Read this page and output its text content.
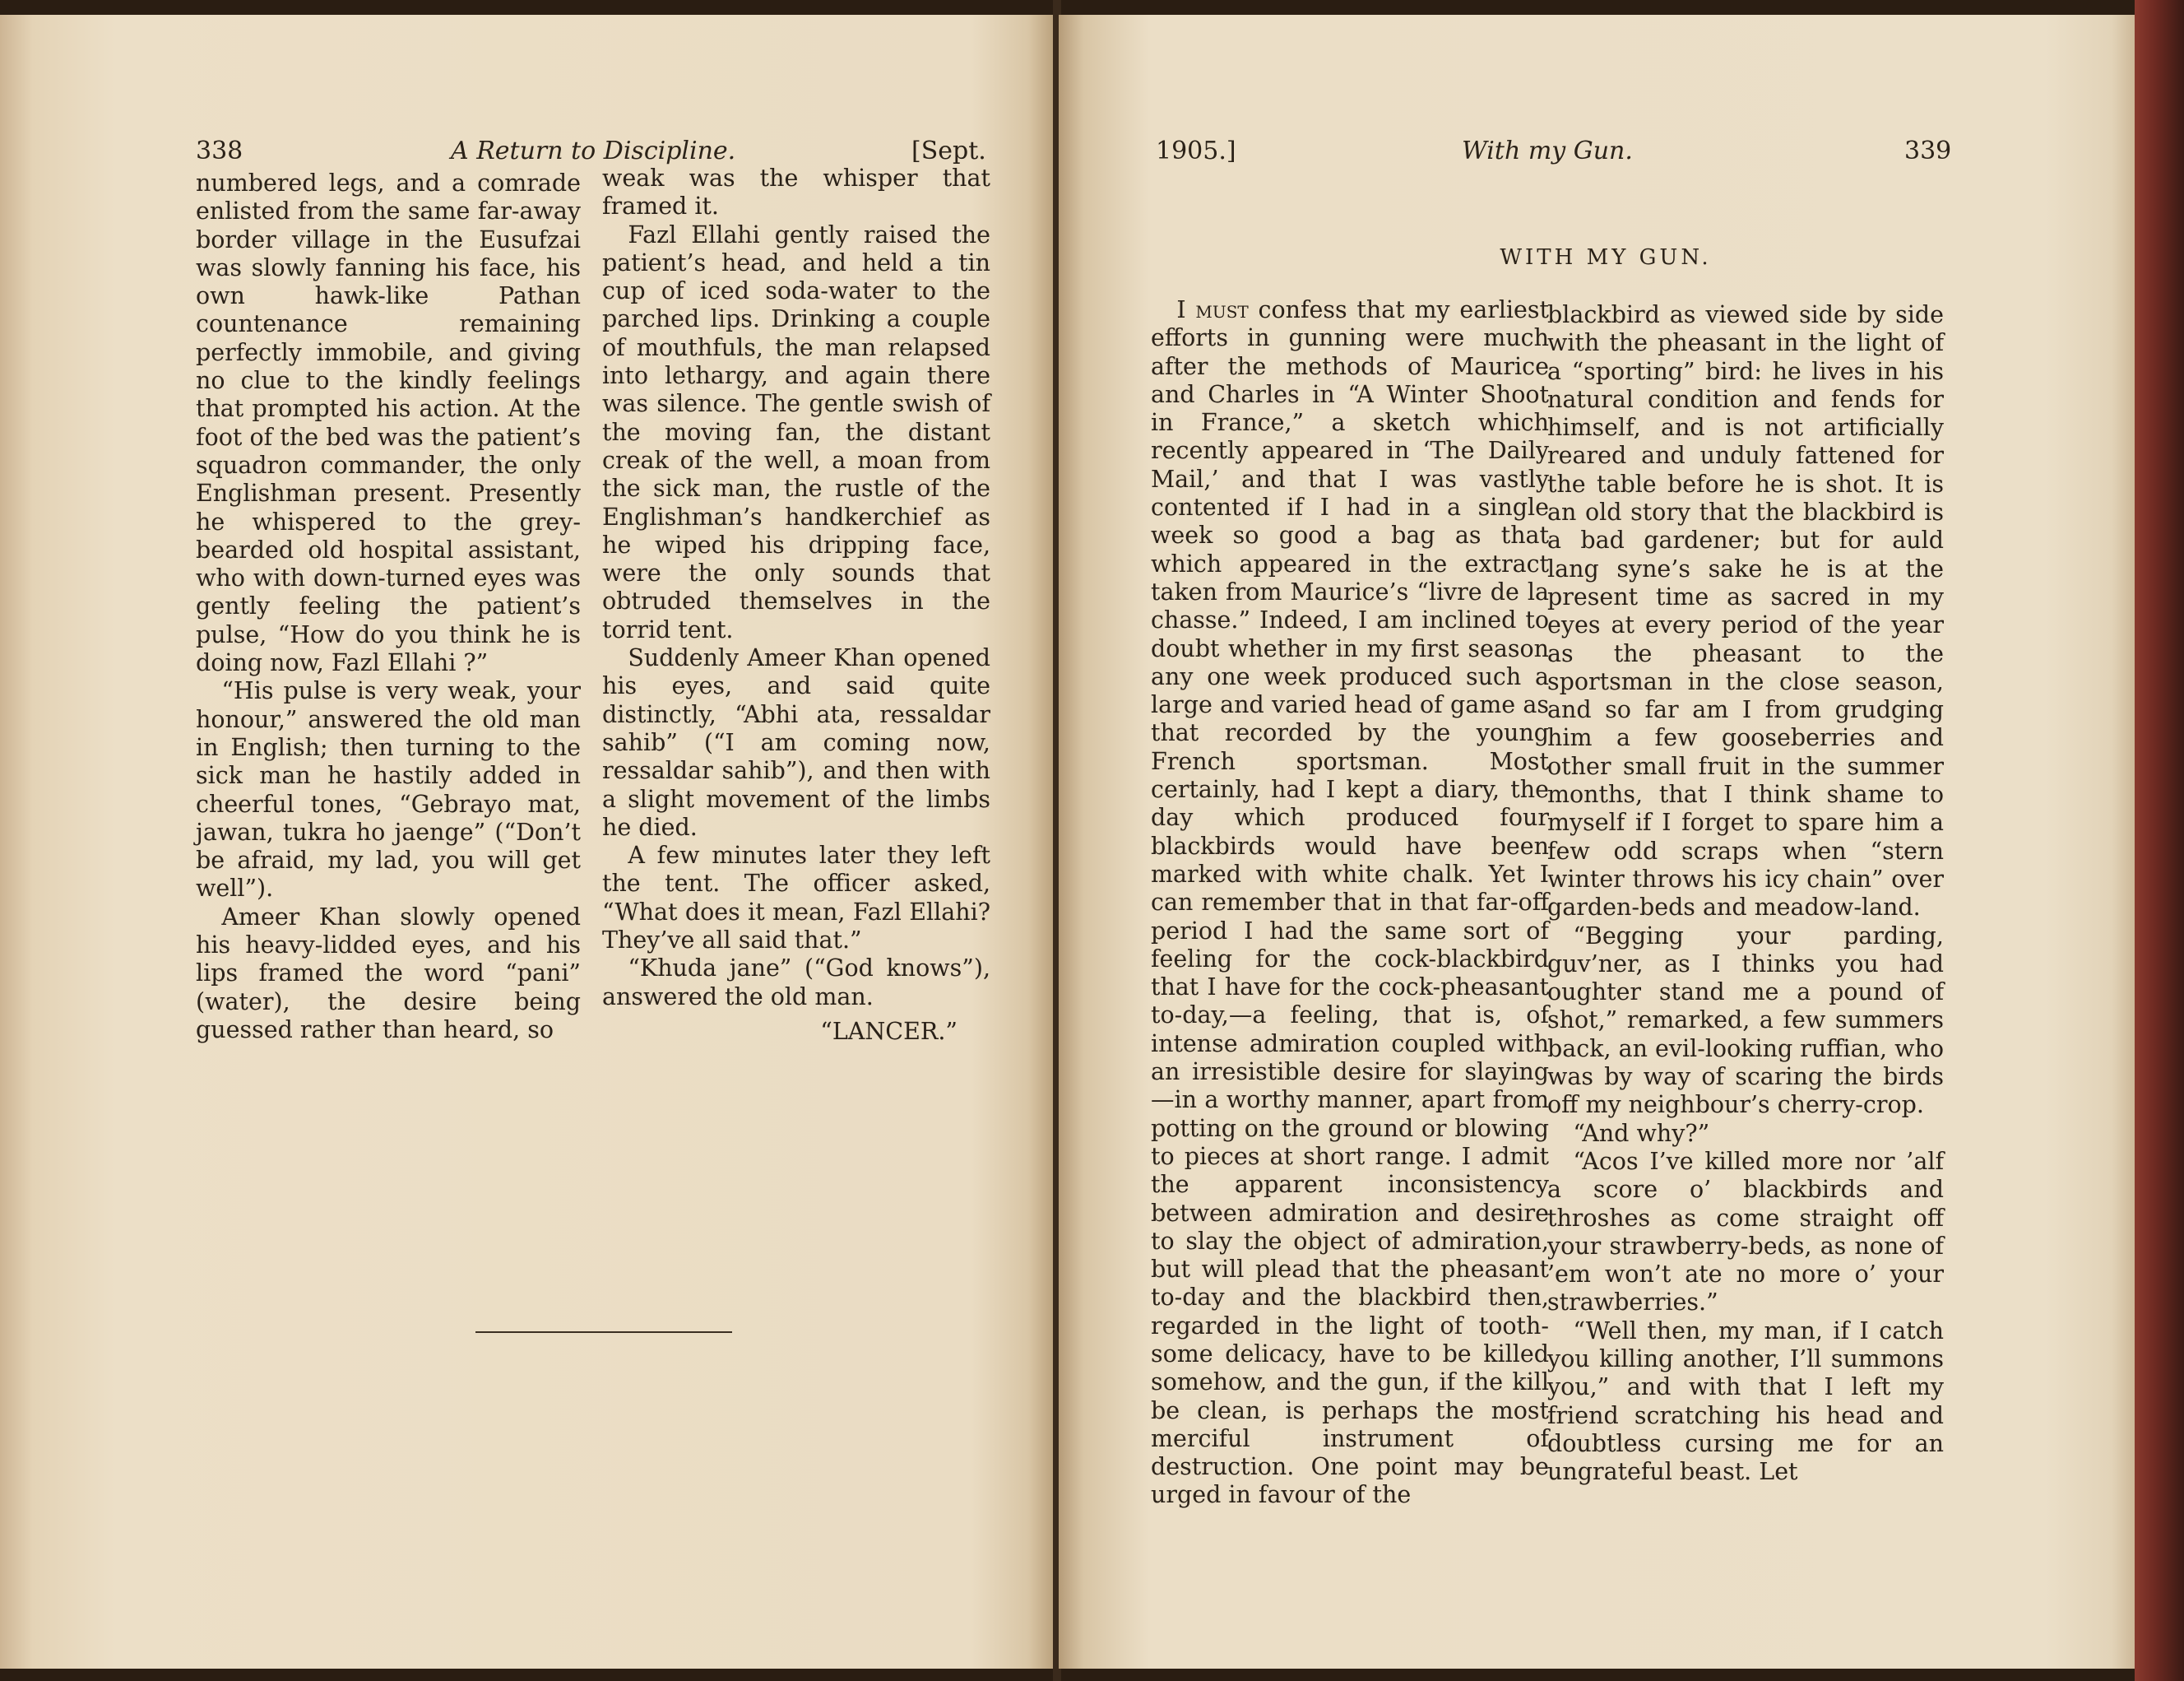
338	A Return to Discipline.	[Sept.

numbered legs, and a comrade enlisted from the same far-away border village in the Eusufzai was slowly fanning his face, his own hawk-like Pathan countenance remaining perfectly immobile, and giving no clue to the kindly feelings that prompted his action. At the foot of the bed was the patient’s squadron commander, the only Englishman present. Presently he whispered to the grey-bearded old hospital assistant, who with down-turned eyes was gently feeling the patient’s pulse, “How do you think he is doing now, Fazl Ellahi ?”

“His pulse is very weak, your honour,” answered the old man in English; then turning to the sick man he hastily added in cheerful tones, “Gebrayo mat, jawan, tukra ho jaenge” (“Don’t be afraid, my lad, you will get well”).

Ameer Khan slowly opened his heavy-lidded eyes, and his lips framed the word “pani” (water), the desire being guessed rather than heard, so

weak was the whisper that framed it.

Fazl Ellahi gently raised the patient’s head, and held a tin cup of iced soda-water to the parched lips. Drinking a couple of mouthfuls, the man relapsed into lethargy, and again there was silence. The gentle swish of the moving fan, the distant creak of the well, a moan from the sick man, the rustle of the Englishman’s handkerchief as he wiped his dripping face, were the only sounds that obtruded themselves in the torrid tent.

Suddenly Ameer Khan opened his eyes, and said quite distinctly, “Abhi ata, ressaldar sahib” (“I am coming now, ressaldar sahib”), and then with a slight movement of the limbs he died.

A few minutes later they left the tent. The officer asked, “What does it mean, Fazl Ellahi? They’ve all said that.”

“Khuda jane” (“God knows”), answered the old man.

“LANCER.”

1905.]	With my Gun.	339
WITH MY GUN.

I must confess that my earliest efforts in gunning were much after the methods of Maurice and Charles in “A Winter Shoot in France,” a sketch which recently appeared in ‘The Daily Mail,’ and that I was vastly contented if I had in a single week so good a bag as that which appeared in the extract taken from Maurice’s “livre de la chasse.” Indeed, I am inclined to doubt whether in my first season any one week produced such a large and varied head of game as that recorded by the young French sportsman. Most certainly, had I kept a diary, the day which produced four blackbirds would have been marked with white chalk. Yet I can remember that in that far-off period I had the same sort of feeling for the cock-blackbird that I have for the cock-pheasant to-day,—a feeling, that is, of intense admiration coupled with an irresistible desire for slaying—in a worthy manner, apart from potting on the ground or blowing to pieces at short range. I admit the apparent inconsistency between admiration and desire to slay the object of admiration, but will plead that the pheasant to-day and the blackbird then, regarded in the light of tooth-some delicacy, have to be killed somehow, and the gun, if the kill be clean, is perhaps the most merciful instrument of destruction. One point may be urged in favour of the

blackbird as viewed side by side with the pheasant in the light of a “sporting” bird: he lives in his natural condition and fends for himself, and is not artificially reared and unduly fattened for the table before he is shot. It is an old story that the blackbird is a bad gardener; but for auld lang syne’s sake he is at the present time as sacred in my eyes at every period of the year as the pheasant to the sportsman in the close season, and so far am I from grudging him a few gooseberries and other small fruit in the summer months, that I think shame to myself if I forget to spare him a few odd scraps when “stern winter throws his icy chain” over garden-beds and meadow-land.

“Begging your parding, guv’ner, as I thinks you had oughter stand me a pound of shot,” remarked, a few summers back, an evil-looking ruffian, who was by way of scaring the birds off my neighbour’s cherry-crop.

“And why?”

“Acos I’ve killed more nor ’alf a score o’ blackbirds and throshes as come straight off your strawberry-beds, as none of ’em won’t ate no more o’ your strawberries.”

“Well then, my man, if I catch you killing another, I’ll summons you,” and with that I left my friend scratching his head and doubtless cursing me for an ungrateful beast. Let
